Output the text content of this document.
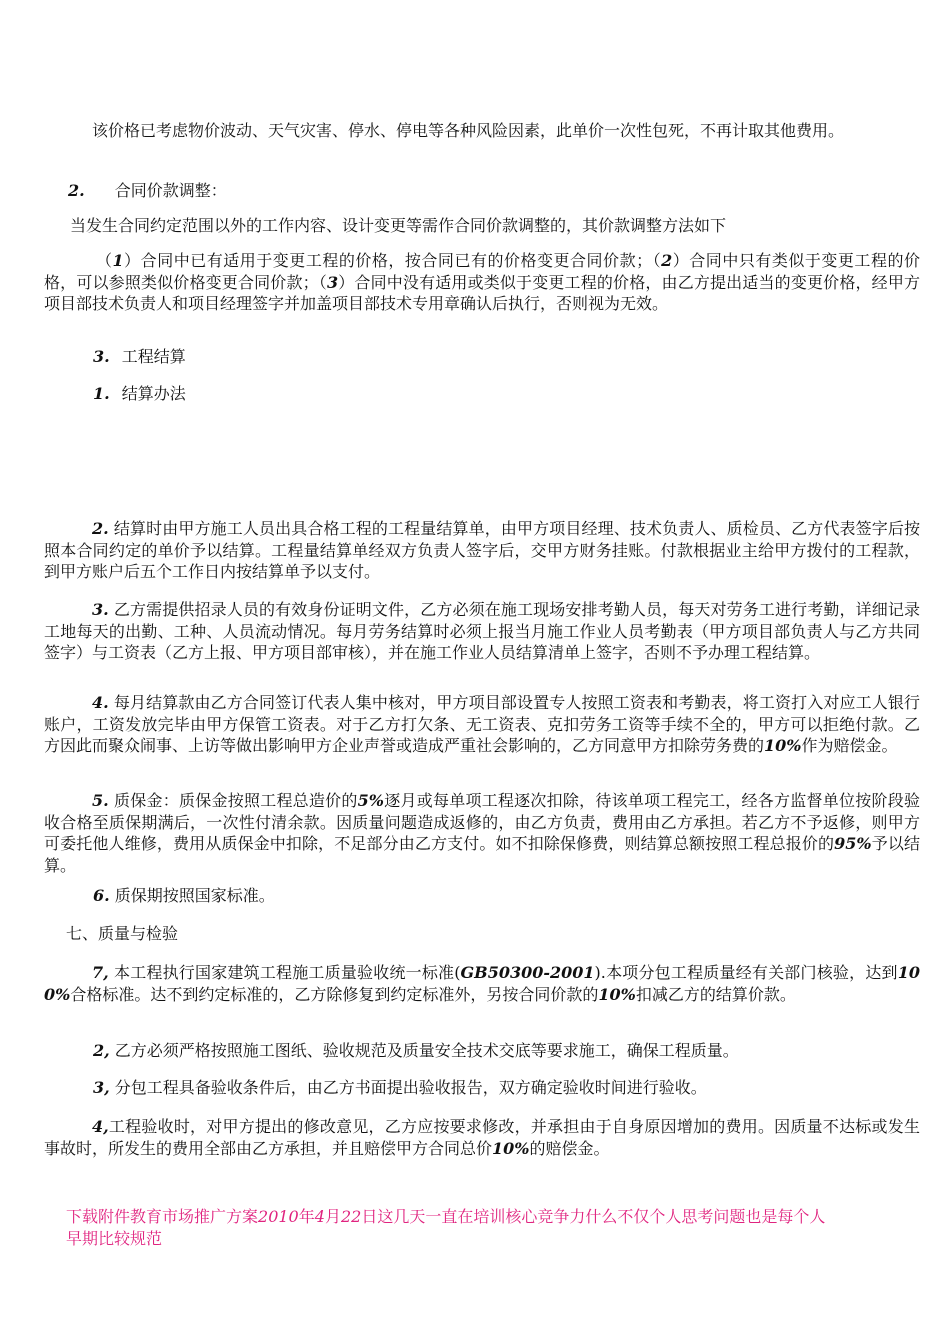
该价格已考虑物价波动、天气灾害、停水、停电等各种风险因素，此单价一次性包死，不再计取其他费用。

2. 合同价款调整：

当发生合同约定范围以外的工作内容、设计变更等需作合同价款调整的，其价款调整方法如下

（1）合同中已有适用于变更工程的价格，按合同已有的价格变更合同价款；（2）合同中只有类似于变更工程的价格，可以参照类似价格变更合同价款；（3）合同中没有适用或类似于变更工程的价格，由乙方提出适当的变更价格，经甲方项目部技术负责人和项目经理签字并加盖项目部技术专用章确认后执行，否则视为无效。

3. 工程结算

1. 结算办法

2. 结算时由甲方施工人员出具合格工程的工程量结算单，由甲方项目经理、技术负责人、质检员、乙方代表签字后按照本合同约定的单价予以结算。工程量结算单经双方负责人签字后，交甲方财务挂账。付款根据业主给甲方拨付的工程款，到甲方账户后五个工作日内按结算单予以支付。

3. 乙方需提供招录人员的有效身份证明文件，乙方必须在施工现场安排考勤人员，每天对劳务工进行考勤，详细记录工地每天的出勤、工种、人员流动情况。每月劳务结算时必须上报当月施工作业人员考勤表（甲方项目部负责人与乙方共同签字）与工资表（乙方上报、甲方项目部审核），并在施工作业人员结算清单上签字，否则不予办理工程结算。

4. 每月结算款由乙方合同签订代表人集中核对，甲方项目部设置专人按照工资表和考勤表，将工资打入对应工人银行账户，工资发放完毕由甲方保管工资表。对于乙方打欠条、无工资表、克扣劳务工资等手续不全的，甲方可以拒绝付款。乙方因此而聚众闹事、上访等做出影响甲方企业声誉或造成严重社会影响的，乙方同意甲方扣除劳务费的10%作为赔偿金。

5. 质保金：质保金按照工程总造价的5%逐月或每单项工程逐次扣除，待该单项工程完工，经各方监督单位按阶段验收合格至质保期满后，一次性付清余款。因质量问题造成返修的，由乙方负责，费用由乙方承担。若乙方不予返修，则甲方可委托他人维修，费用从质保金中扣除，不足部分由乙方支付。如不扣除保修费，则结算总额按照工程总报价的95%予以结算。

6. 质保期按照国家标准。

七、质量与检验

7, 本工程执行国家建筑工程施工质量验收统一标准(GB50300-2001).本项分包工程质量经有关部门核验，达到100%合格标准。达不到约定标准的，乙方除修复到约定标准外，另按合同价款的10%扣减乙方的结算价款。

2, 乙方必须严格按照施工图纸、验收规范及质量安全技术交底等要求施工，确保工程质量。

3, 分包工程具备验收条件后，由乙方书面提出验收报告，双方确定验收时间进行验收。

4,工程验收时，对甲方提出的修改意见，乙方应按要求修改，并承担由于自身原因增加的费用。因质量不达标或发生事故时，所发生的费用全部由乙方承担，并且赔偿甲方合同总价10%的赔偿金。

下载附件教育市场推广方案2010年4月22日这几天一直在培训核心竞争力什么不仅个人思考问题也是每个人早期比较规范
